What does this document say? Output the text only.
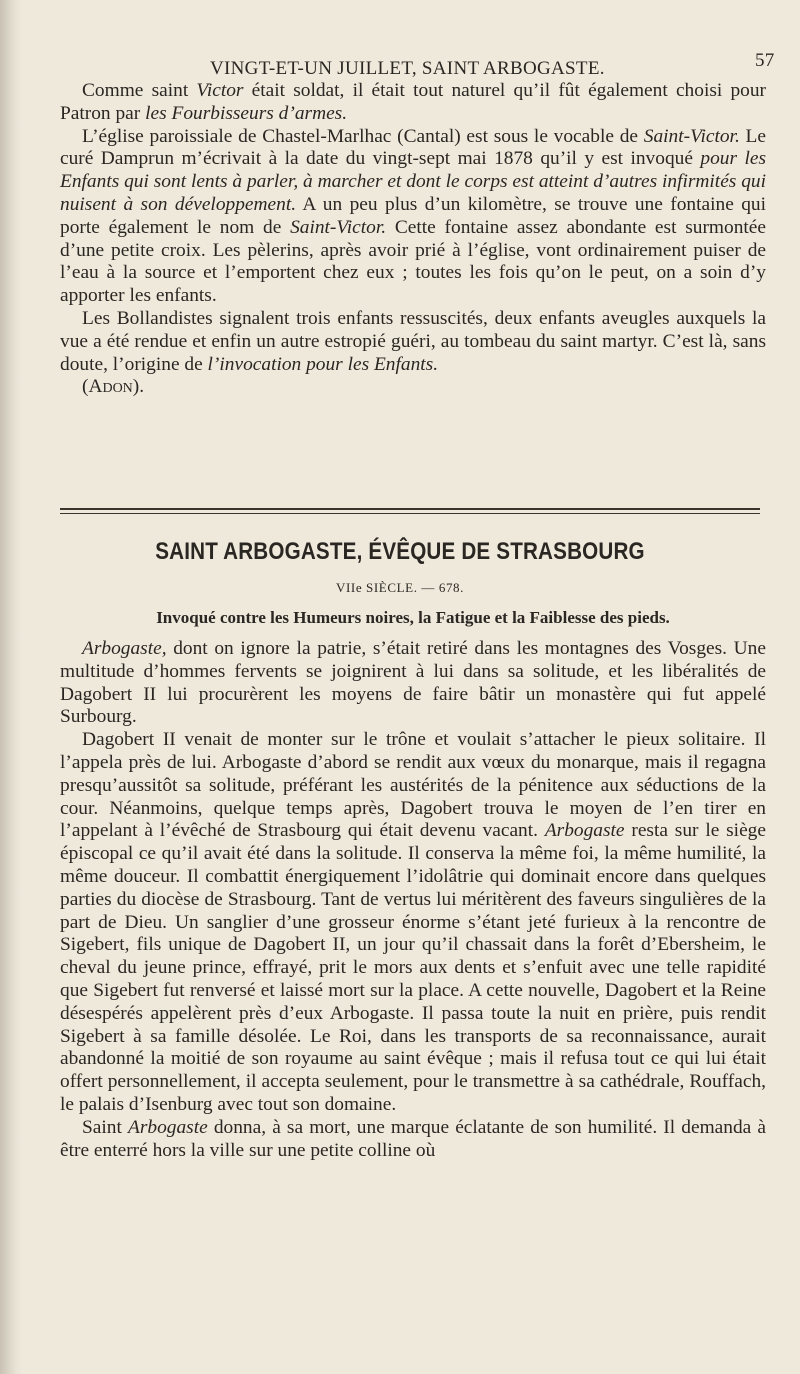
VINGT-ET-UN JUILLET, SAINT ARBOGASTE.	57

Comme saint Victor était soldat, il était tout naturel qu’il fût également choisi pour Patron par les Fourbisseurs d’armes.

L’église paroissiale de Chastel-Marlhac (Cantal) est sous le vocable de Saint-Victor. Le curé Damprun m’écrivait à la date du vingt-sept mai 1878 qu’il y est invoqué pour les Enfants qui sont lents à parler, à marcher et dont le corps est atteint d’autres infirmités qui nuisent à son développement. A un peu plus d’un kilomètre, se trouve une fontaine qui porte également le nom de Saint-Victor. Cette fontaine assez abondante est surmontée d’une petite croix. Les pèlerins, après avoir prié à l’église, vont ordinairement puiser de l’eau à la source et l’emportent chez eux ; toutes les fois qu’on le peut, on a soin d’y apporter les enfants.

Les Bollandistes signalent trois enfants ressuscités, deux enfants aveugles auxquels la vue a été rendue et enfin un autre estropié guéri, au tombeau du saint martyr. C’est là, sans doute, l’origine de l’invocation pour les Enfants.

(Adon).

SAINT ARBOGASTE, ÉVÊQUE DE STRASBOURG
VIIe SIÈCLE. — 678.
Invoqué contre les Humeurs noires, la Fatigue et la Faiblesse des pieds.

Arbogaste, dont on ignore la patrie, s’était retiré dans les montagnes des Vosges. Une multitude d’hommes fervents se joignirent à lui dans sa solitude, et les libéralités de Dagobert II lui procurèrent les moyens de faire bâtir un monastère qui fut appelé Surbourg.

Dagobert II venait de monter sur le trône et voulait s’attacher le pieux solitaire. Il l’appela près de lui. Arbogaste d’abord se rendit aux vœux du monarque, mais il regagna presqu’aussitôt sa solitude, préférant les austérités de la pénitence aux séductions de la cour. Néanmoins, quelque temps après, Dagobert trouva le moyen de l’en tirer en l’appelant à l’évêché de Strasbourg qui était devenu vacant. Arbogaste resta sur le siège épiscopal ce qu’il avait été dans la solitude. Il conserva la même foi, la même humilité, la même douceur. Il combattit énergiquement l’idolâtrie qui dominait encore dans quelques parties du diocèse de Strasbourg. Tant de vertus lui méritèrent des faveurs singulières de la part de Dieu. Un sanglier d’une grosseur énorme s’étant jeté furieux à la rencontre de Sigebert, fils unique de Dagobert II, un jour qu’il chassait dans la forêt d’Ebersheim, le cheval du jeune prince, effrayé, prit le mors aux dents et s’enfuit avec une telle rapidité que Sigebert fut renversé et laissé mort sur la place. A cette nouvelle, Dagobert et la Reine désespérés appelèrent près d’eux Arbogaste. Il passa toute la nuit en prière, puis rendit Sigebert à sa famille désolée. Le Roi, dans les transports de sa reconnaissance, aurait abandonné la moitié de son royaume au saint évêque ; mais il refusa tout ce qui lui était offert personnellement, il accepta seulement, pour le transmettre à sa cathédrale, Rouffach, le palais d’Isenburg avec tout son domaine.

Saint Arbogaste donna, à sa mort, une marque éclatante de son humilité. Il demanda à être enterré hors la ville sur une petite colline où
